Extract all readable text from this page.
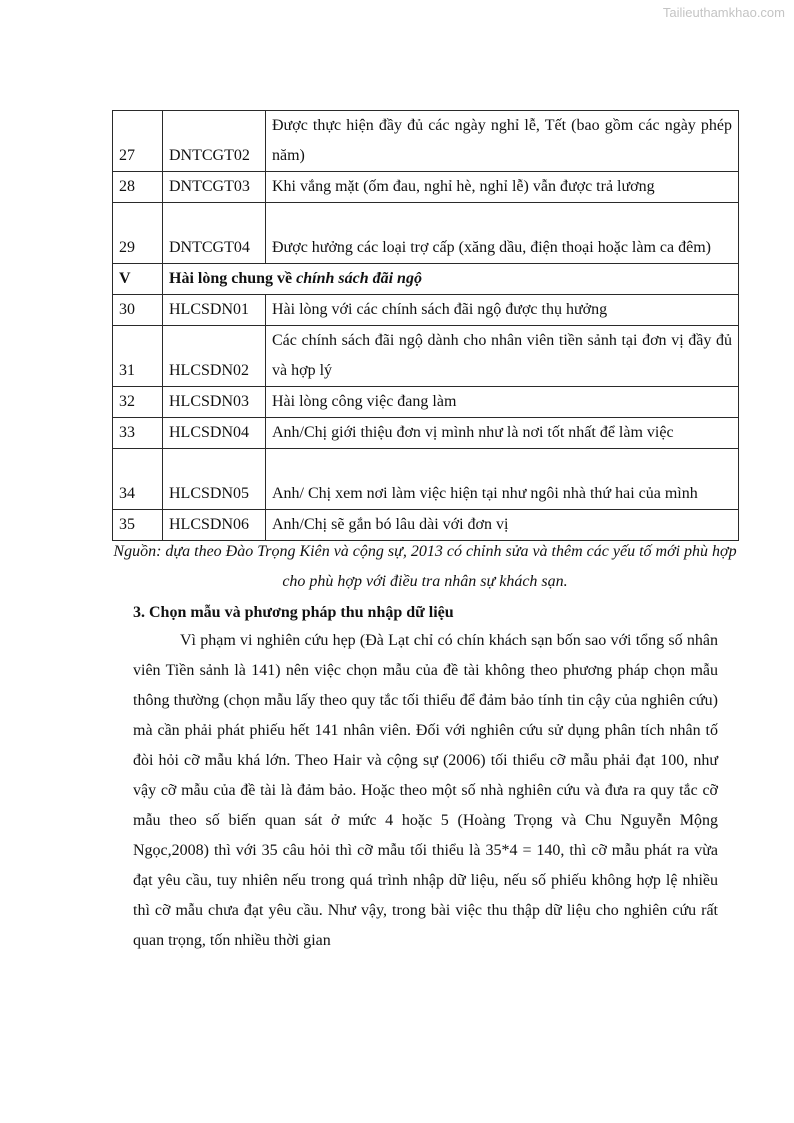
Tailieuthamkhao.com
27	DNTCGT02	Được thực hiện đầy đủ các ngày nghỉ lễ, Tết (bao gồm các ngày phép năm)
28	DNTCGT03	Khi vắng mặt (ốm đau, nghỉ hè, nghỉ lễ) vẫn được trả lương
29	DNTCGT04	Được hưởng các loại trợ cấp (xăng dầu, điện thoại hoặc làm ca đêm)
V	Hài lòng chung về chính sách đãi ngộ	
30	HLCSDN01	Hài lòng với các chính sách đãi ngộ được thụ hưởng
31	HLCSDN02	Các chính sách đãi ngộ dành cho nhân viên tiền sảnh tại đơn vị đầy đủ và hợp lý
32	HLCSDN03	Hài lòng công việc đang làm
33	HLCSDN04	Anh/Chị giới thiệu đơn vị mình như là nơi tốt nhất để làm việc
34	HLCSDN05	Anh/ Chị xem nơi làm việc hiện tại như ngôi nhà thứ hai của mình
35	HLCSDN06	Anh/Chị sẽ gắn bó lâu dài với đơn vị
Nguồn: dựa theo Đào Trọng Kiên và cộng sự, 2013 có chỉnh sửa và thêm các yếu tố mới phù hợp cho phù hợp với điều tra nhân sự khách sạn.
3. Chọn mẫu và phương pháp thu nhập dữ liệu
Vì phạm vi nghiên cứu hẹp (Đà Lạt chỉ có chín khách sạn bốn sao với tổng số nhân viên Tiền sảnh là 141) nên việc chọn mẫu của đề tài không theo phương pháp chọn mẫu thông thường (chọn mẫu lấy theo quy tắc tối thiểu để đảm bảo tính tin cậy của nghiên cứu) mà cần phải phát phiếu hết 141 nhân viên. Đối với nghiên cứu sử dụng phân tích nhân tố đòi hỏi cỡ mẫu khá lớn. Theo Hair và cộng sự (2006) tối thiểu cỡ mẫu phải đạt 100, như vậy cỡ mẫu của đề tài là đảm bảo. Hoặc theo một số nhà nghiên cứu và đưa ra quy tắc cỡ mẫu theo số biến quan sát ở mức 4 hoặc 5 (Hoàng Trọng và Chu Nguyễn Mộng Ngọc,2008) thì với 35 câu hỏi thì cỡ mẫu tối thiểu là 35*4 = 140, thì cỡ mẫu phát ra vừa đạt yêu cầu, tuy nhiên nếu trong quá trình nhập dữ liệu, nếu số phiếu không hợp lệ nhiều thì cỡ mẫu chưa đạt yêu cầu. Như vậy, trong bài việc thu thập dữ liệu cho nghiên cứu rất quan trọng, tốn nhiều thời gian
